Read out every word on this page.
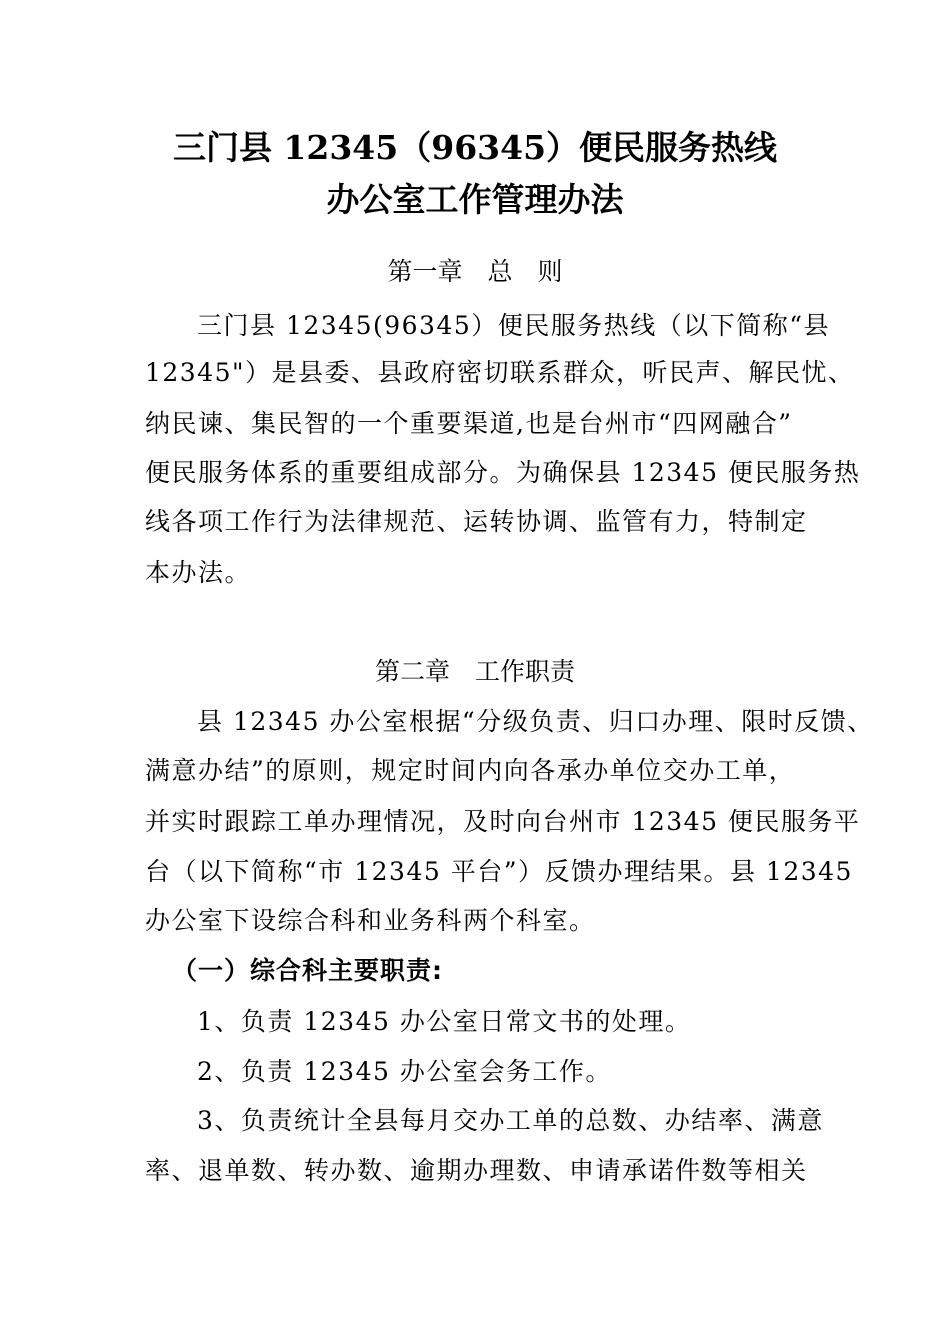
三门县 12345（96345）便民服务热线
办公室工作管理办法
第一章　总　则
三门县 12345(96345）便民服务热线（以下简称“县
12345"）是县委、县政府密切联系群众，听民声、解民忧、
纳民谏、集民智的一个重要渠道,也是台州市“四网融合”
便民服务体系的重要组成部分。为确保县 12345 便民服务热
线各项工作行为法律规范、运转协调、监管有力，特制定
本办法。
第二章　工作职责
县 12345 办公室根据“分级负责、归口办理、限时反馈、
满意办结”的原则，规定时间内向各承办单位交办工单，
并实时跟踪工单办理情况，及时向台州市 12345 便民服务平
台（以下简称“市 12345 平台”）反馈办理结果。县 12345
办公室下设综合科和业务科两个科室。
（一）综合科主要职责:
1、负责 12345 办公室日常文书的处理。
2、负责 12345 办公室会务工作。
3、负责统计全县每月交办工单的总数、办结率、满意
率、退单数、转办数、逾期办理数、申请承诺件数等相关
